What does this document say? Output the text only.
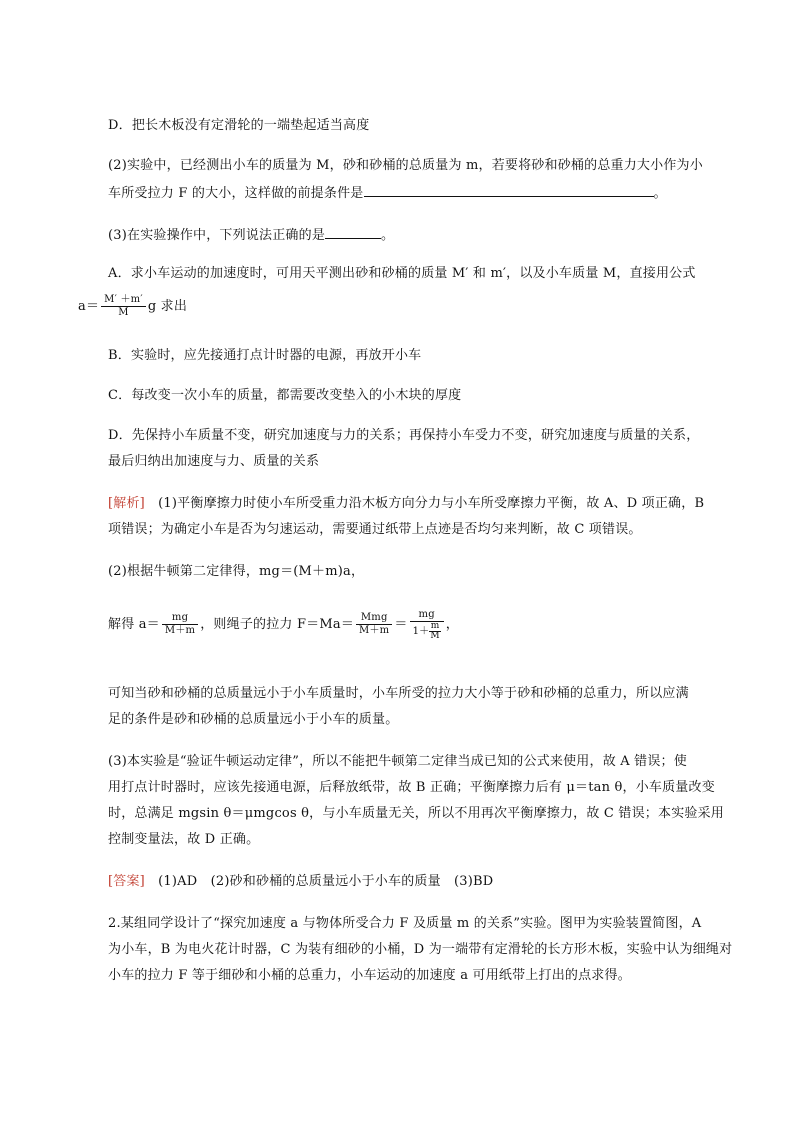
D．把长木板没有定滑轮的一端垫起适当高度
(2)实验中，已经测出小车的质量为 M，砂和砂桶的总质量为 m，若要将砂和砂桶的总重力大小作为小
车所受拉力 F 的大小，这样做的前提条件是	。
(3)在实验操作中，下列说法正确的是	。
A．求小车运动的加速度时，可用天平测出砂和砂桶的质量 M′ 和 m′，以及小车质量 M，直接用公式
$a= \frac{M' +m'}{M}$ g 求出
B．实验时，应先接通打点计时器的电源，再放开小车
C．每改变一次小车的质量，都需要改变垫入的小木块的厚度
D．先保持小车质量不变，研究加速度与力的关系；再保持小车受力不变，研究加速度与质量的关系，
最后归纳出加速度与力、质量的关系
[解析]　(1)平衡摩擦力时使小车所受重力沿木板方向分力与小车所受摩擦力平衡，故 A、D 项正确，B
项错误；为确定小车是否为匀速运动，需要通过纸带上点迹是否均匀来判断，故 C 项错误。
(2)根据牛顿第二定律得，mg＝(M＋m)a，
解得 $a= \frac{mg}{M+m}$ ，则绳子的拉力 $F=Ma= \frac{\text{Mmg}}{M+m} = \frac{mg}{1+ \frac{m}{M}}$ ，
可知当砂和砂桶的总质量远小于小车质量时，小车所受的拉力大小等于砂和砂桶的总重力，所以应满
足的条件是砂和砂桶的总质量远小于小车的质量。
(3)本实验是“验证牛顿运动定律”，所以不能把牛顿第二定律当成已知的公式来使用，故 A 错误；使
用打点计时器时，应该先接通电源，后释放纸带，故 B 正确；平衡摩擦力后有 μ＝tan θ，小车质量改变
时，总满足 mgsin θ＝μmgcos θ，与小车质量无关，所以不用再次平衡摩擦力，故 C 错误；本实验采用
控制变量法，故 D 正确。
[答案]　(1)AD　(2)砂和砂桶的总质量远小于小车的质量　(3)BD
2.某组同学设计了“探究加速度 a 与物体所受合力 F 及质量 m 的关系”实验。图甲为实验装置简图，A
为小车，B 为电火花计时器，C 为装有细砂的小桶，D 为一端带有定滑轮的长方形木板，实验中认为细绳对
小车的拉力 F 等于细砂和小桶的总重力，小车运动的加速度 a 可用纸带上打出的点求得。
